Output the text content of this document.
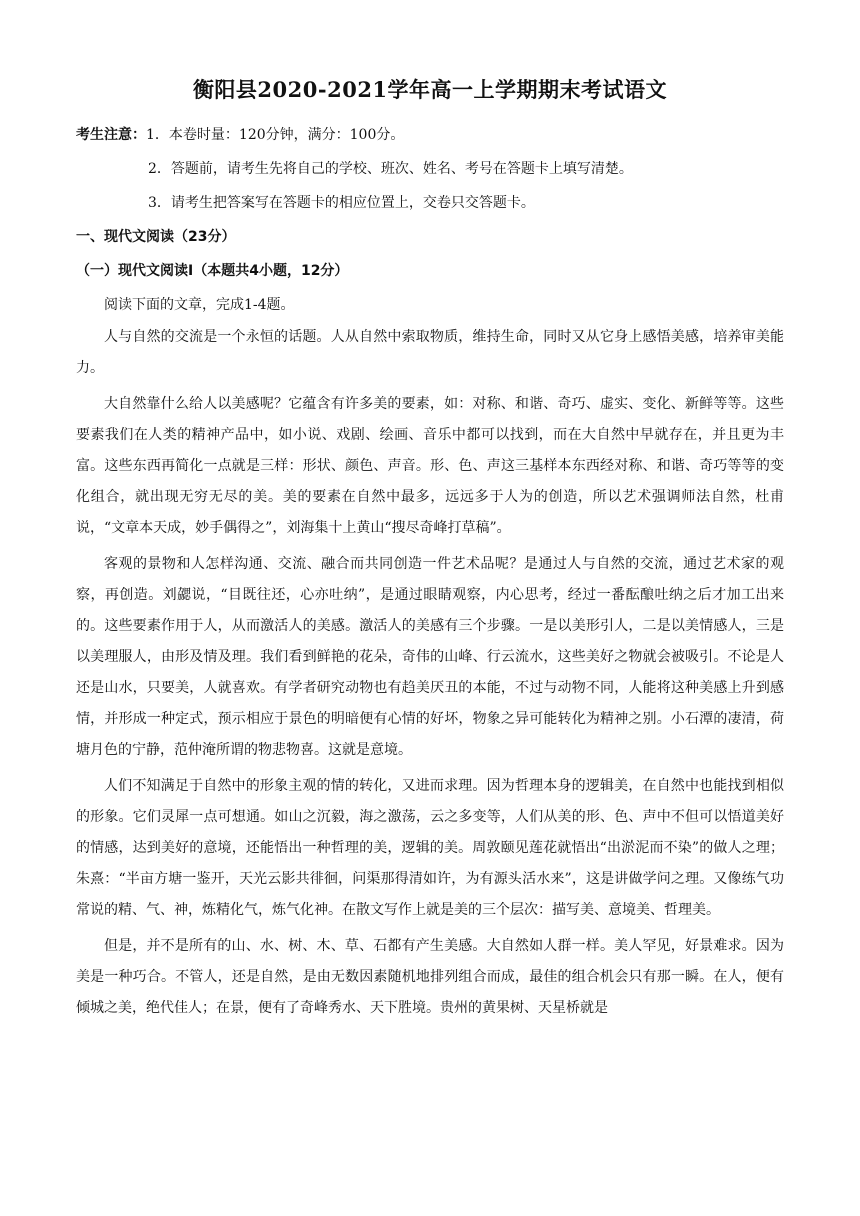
衡阳县2020-2021学年高一上学期期末考试语文
考生注意： 1．本卷时量：120分钟，满分：100分。
2．答题前，请考生先将自己的学校、班次、姓名、考号在答题卡上填写清楚。
3．请考生把答案写在答题卡的相应位置上，交卷只交答题卡。
一、现代文阅读（23分）
（一）现代文阅读Ⅰ（本题共4小题，12分）

阅读下面的文章，完成1-4题。

人与自然的交流是一个永恒的话题。人从自然中索取物质，维持生命，同时又从它身上感悟美感，培养审美能力。

大自然靠什么给人以美感呢？它蕴含有许多美的要素，如：对称、和谐、奇巧、虚实、变化、新鲜等等。这些要素我们在人类的精神产品中，如小说、戏剧、绘画、音乐中都可以找到，而在大自然中早就存在，并且更为丰富。这些东西再简化一点就是三样：形状、颜色、声音。形、色、声这三基样本东西经对称、和谐、奇巧等等的变化组合，就出现无穷无尽的美。美的要素在自然中最多，远远多于人为的创造，所以艺术强调师法自然，杜甫说，“文章本天成，妙手偶得之”，刘海集十上黄山“搜尽奇峰打草稿”。

客观的景物和人怎样沟通、交流、融合而共同创造一件艺术品呢？是通过人与自然的交流，通过艺术家的观察，再创造。刘勰说，“目既往还，心亦吐纳”，是通过眼睛观察，内心思考，经过一番酝酿吐纳之后才加工出来的。这些要素作用于人，从而激活人的美感。激活人的美感有三个步骤。一是以美形引人，二是以美情感人，三是以美理服人，由形及情及理。我们看到鲜艳的花朵，奇伟的山峰、行云流水，这些美好之物就会被吸引。不论是人还是山水，只要美，人就喜欢。有学者研究动物也有趋美厌丑的本能，不过与动物不同，人能将这种美感上升到感情，并形成一种定式，预示相应于景色的明暗便有心情的好坏，物象之异可能转化为精神之别。小石潭的凄清，荷塘月色的宁静，范仲淹所谓的物悲物喜。这就是意境。

人们不知满足于自然中的形象主观的情的转化，又进而求理。因为哲理本身的逻辑美，在自然中也能找到相似的形象。它们灵犀一点可想通。如山之沉毅，海之激荡，云之多变等，人们从美的形、色、声中不但可以悟道美好的情感，达到美好的意境，还能悟出一种哲理的美，逻辑的美。周敦颐见莲花就悟出“出淤泥而不染”的做人之理；朱熹：“半亩方塘一鉴开，天光云影共徘徊，问渠那得清如许，为有源头活水来”，这是讲做学问之理。又像练气功常说的精、气、神，炼精化气，炼气化神。在散文写作上就是美的三个层次：描写美、意境美、哲理美。

但是，并不是所有的山、水、树、木、草、石都有产生美感。大自然如人群一样。美人罕见，好景难求。因为美是一种巧合。不管人，还是自然，是由无数因素随机地排列组合而成，最佳的组合机会只有那一瞬。在人，便有倾城之美，绝代佳人；在景，便有了奇峰秀水、天下胜境。贵州的黄果树、天星桥就是
